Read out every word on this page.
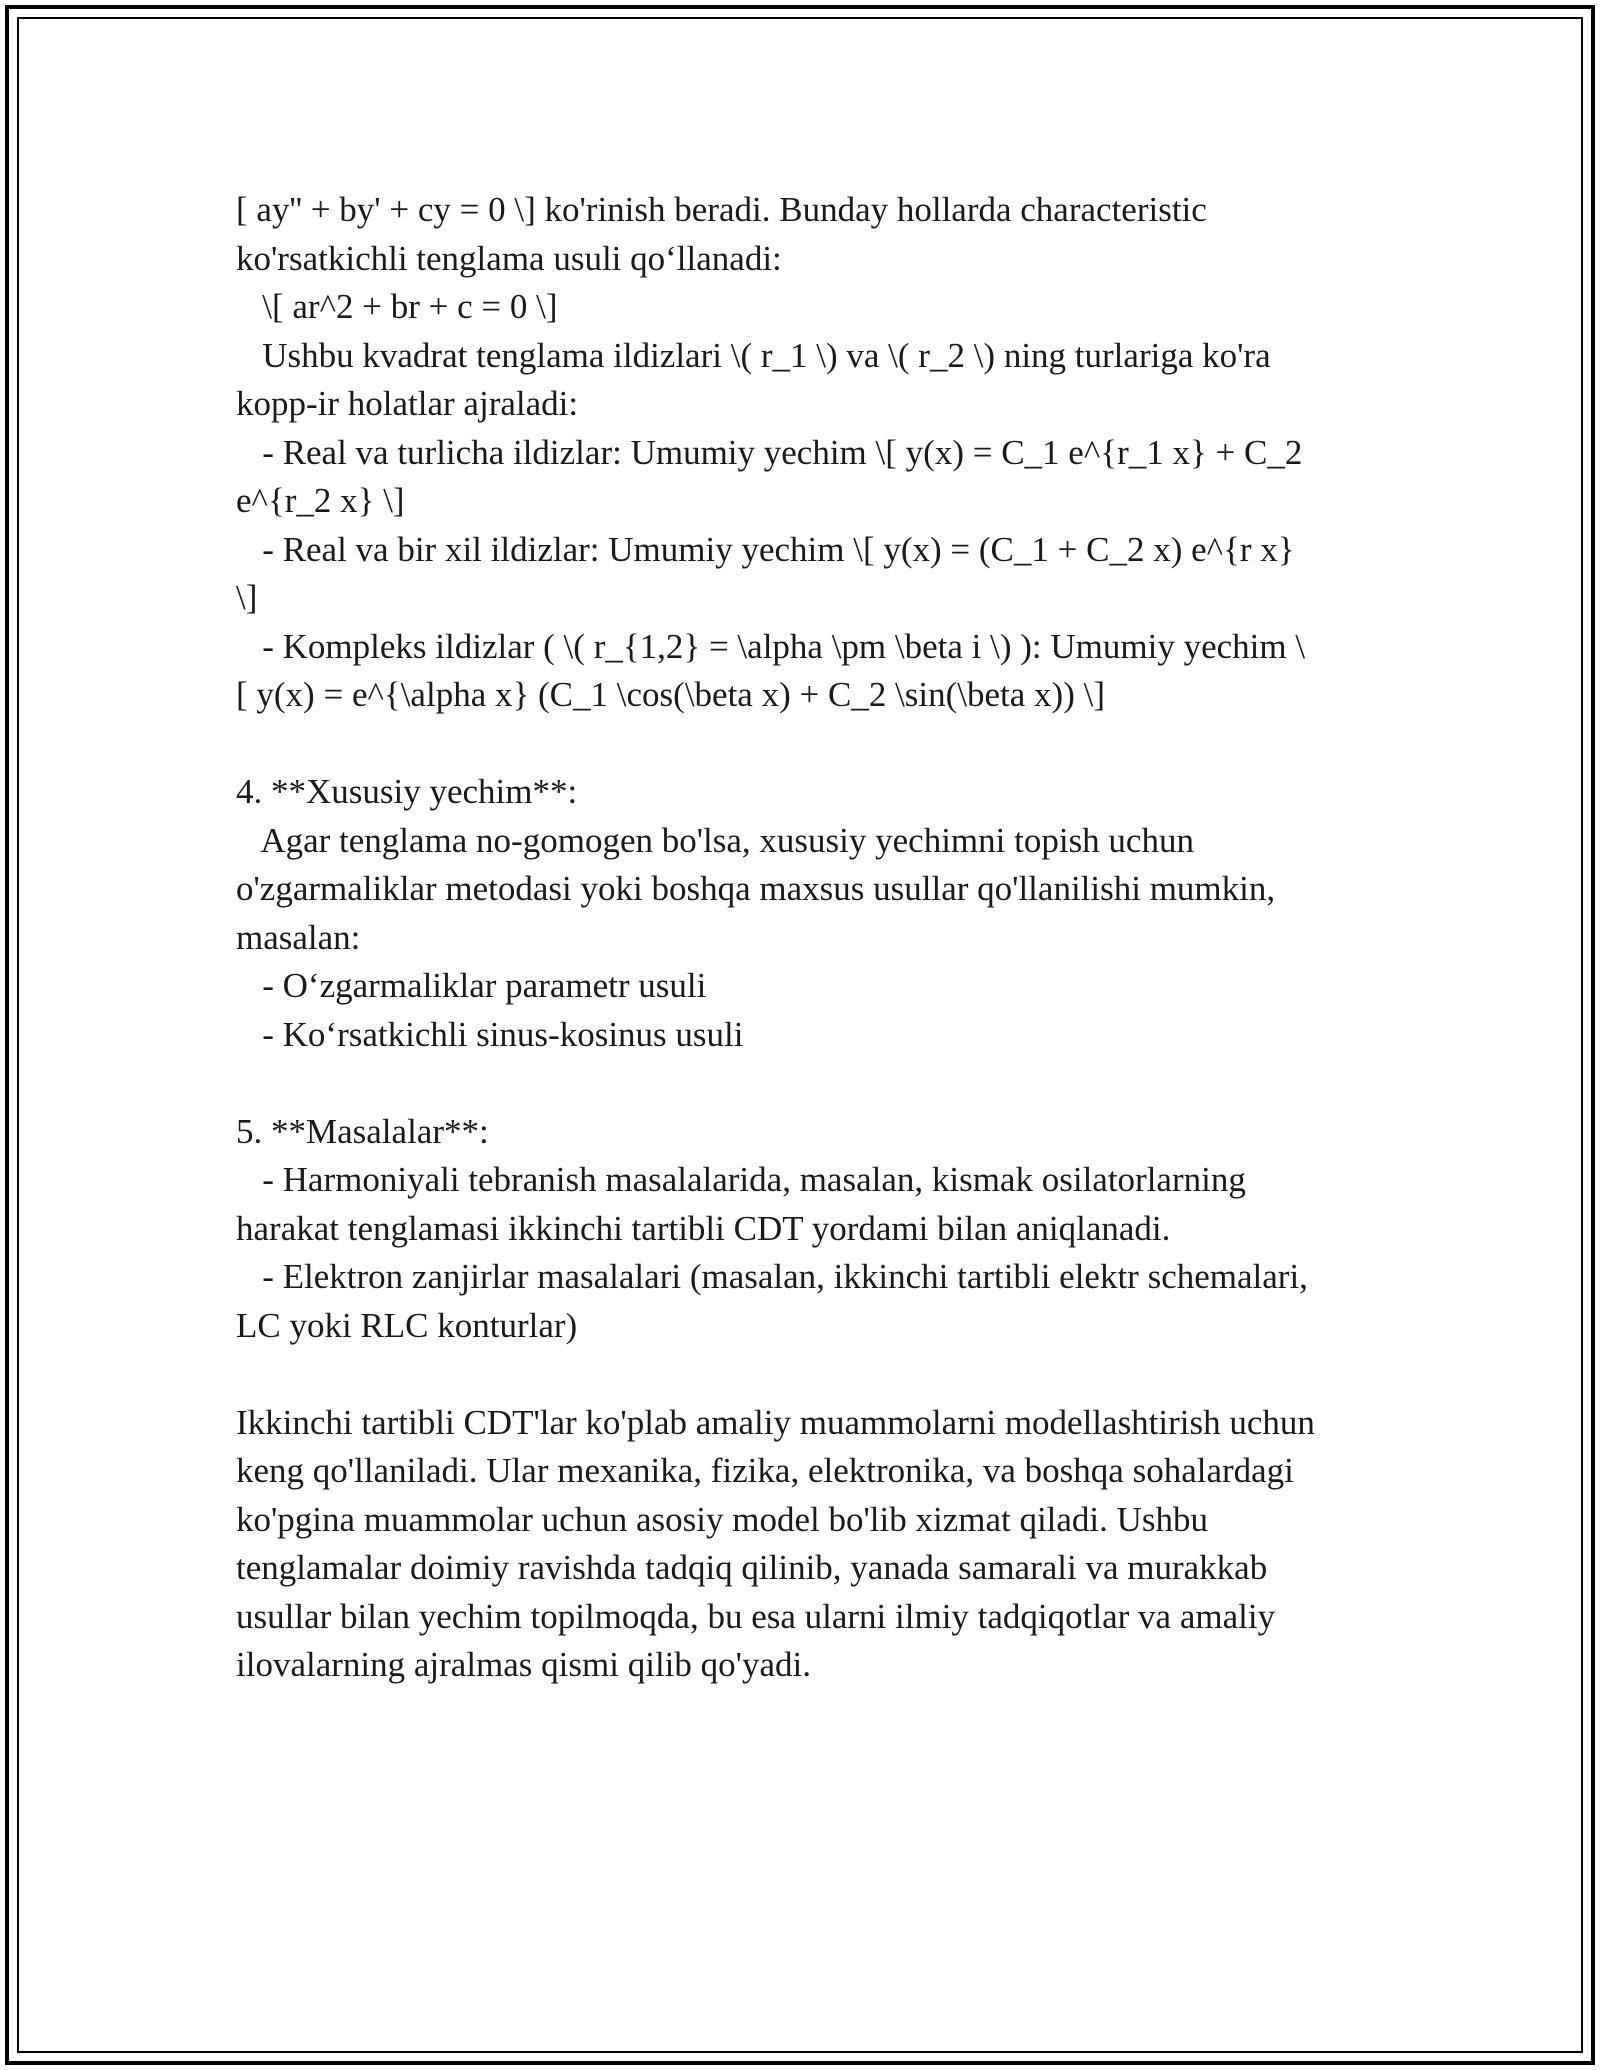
[ ay'' + by' + cy = 0 \] ko'rinish beradi. Bunday hollarda characteristic
ko'rsatkichli tenglama usuli qo‘llanadi:
\[ ar^2 + br + c = 0 \]
Ushbu kvadrat tenglama ildizlari \( r_1 \) va \( r_2 \) ning turlariga ko'ra
kopp-ir holatlar ajraladi:
- Real va turlicha ildizlar: Umumiy yechim \[ y(x) = C_1 e^{r_1 x} + C_2
e^{r_2 x} \]
- Real va bir xil ildizlar: Umumiy yechim \[ y(x) = (C_1 + C_2 x) e^{r x}
\]
- Kompleks ildizlar ( \( r_{1,2} = \alpha \pm \beta i \) ): Umumiy yechim \
[ y(x) = e^{\alpha x} (C_1 \cos(\beta x) + C_2 \sin(\beta x)) \]
4. **Xususiy yechim**:
Agar tenglama no-gomogen bo'lsa, xususiy yechimni topish uchun
o'zgarmaliklar metodasi yoki boshqa maxsus usullar qo'llanilishi mumkin,
masalan:
- O‘zgarmaliklar parametr usuli
- Ko‘rsatkichli sinus-kosinus usuli
5. **Masalalar**:
- Harmoniyali tebranish masalalarida, masalan, kismak osilatorlarning
harakat tenglamasi ikkinchi tartibli CDT yordami bilan aniqlanadi.
- Elektron zanjirlar masalalari (masalan, ikkinchi tartibli elektr schemalari,
LC yoki RLC konturlar)
Ikkinchi tartibli CDT'lar ko'plab amaliy muammolarni modellashtirish uchun
keng qo'llaniladi. Ular mexanika, fizika, elektronika, va boshqa sohalardagi
ko'pgina muammolar uchun asosiy model bo'lib xizmat qiladi. Ushbu
tenglamalar doimiy ravishda tadqiq qilinib, yanada samarali va murakkab
usullar bilan yechim topilmoqda, bu esa ularni ilmiy tadqiqotlar va amaliy
ilovalarning ajralmas qismi qilib qo'yadi.
